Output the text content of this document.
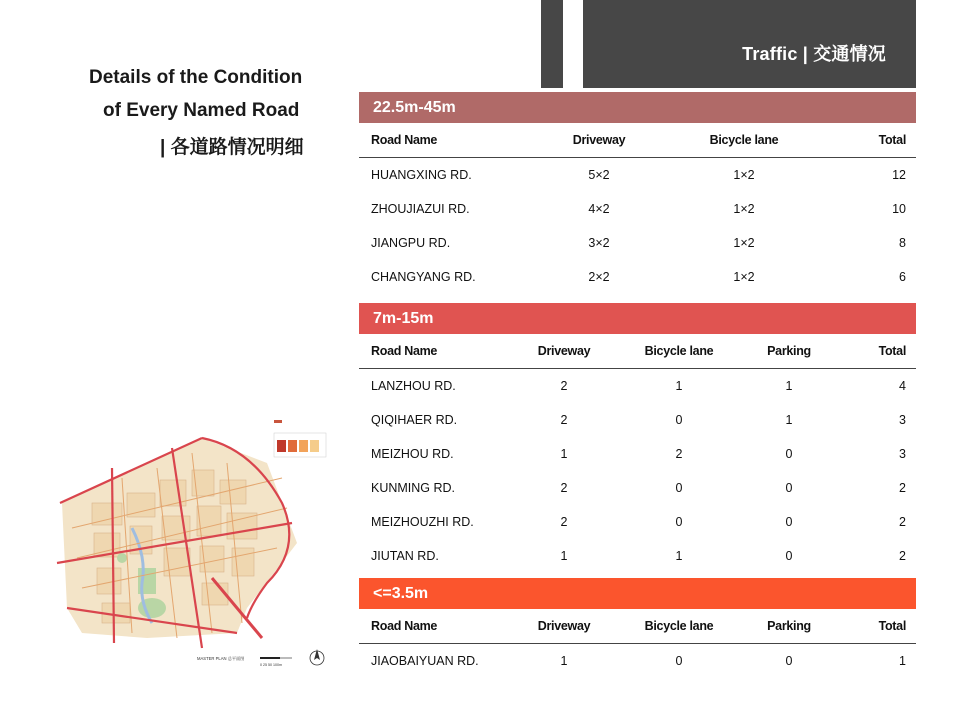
Traffic | 交通情况
Details of the Condition
of Every Named Road
| 各道路情况明细
22.5m-45m
Road Name	Driveway	Bicycle lane	Total
HUANGXING RD.	5×2	1×2	12
ZHOUJIAZUI RD.	4×2	1×2	10
JIANGPU RD.	3×2	1×2	8
CHANGYANG RD.	2×2	1×2	6
7m-15m
Road Name	Driveway	Bicycle lane	Parking	Total
LANZHOU RD.	2	1	1	4
QIQIHAER RD.	2	0	1	3
MEIZHOU RD.	1	2	0	3
KUNMING RD.	2	0	0	2
MEIZHOUZHI RD.	2	0	0	2
JIUTAN RD.	1	1	0	2
<=3.5m
Road Name	Driveway	Bicycle lane	Parking	Total
JIAOBAIYUAN RD.	1	0	0	1
MASTER PLAN 总平面图
0 25 50 100m
